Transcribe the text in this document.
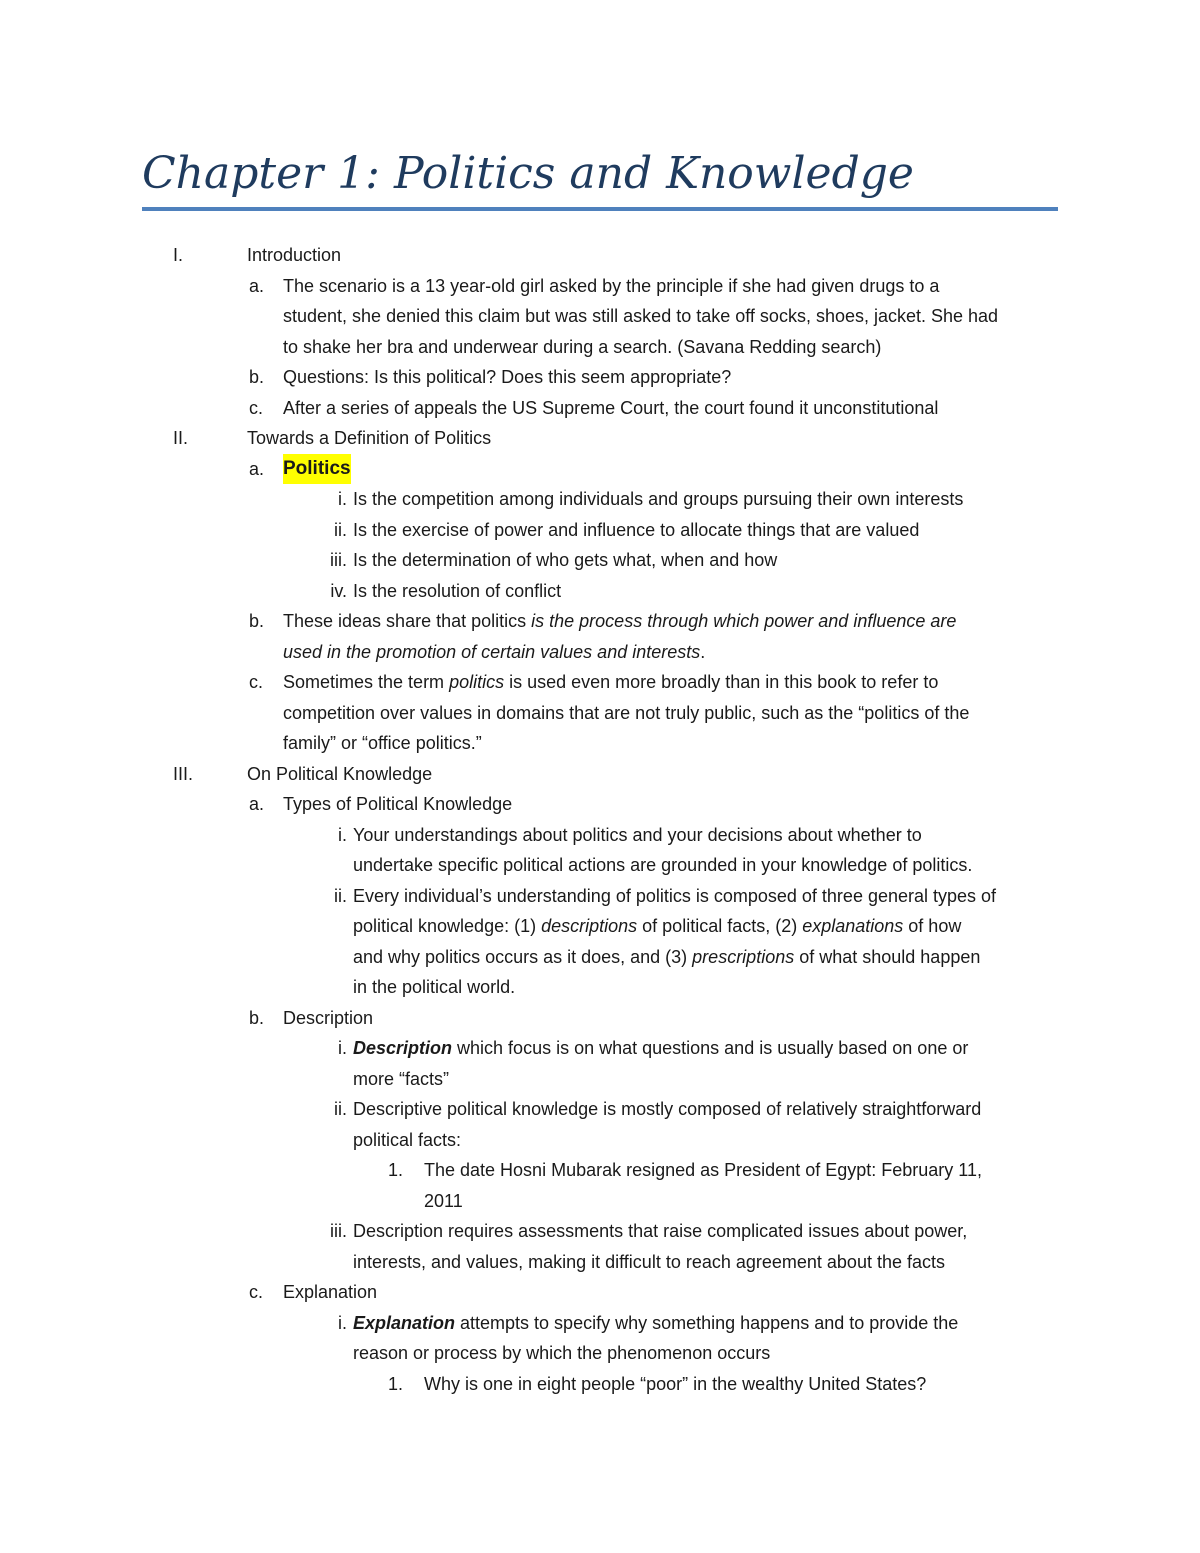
Chapter 1: Politics and Knowledge
I.	Introduction
a. The scenario is a 13 year-old girl asked by the principle if she had given drugs to a
student, she denied this claim but was still asked to take off socks, shoes, jacket. She had
to shake her bra and underwear during a search. (Savana Redding search)
b. Questions: Is this political? Does this seem appropriate?
c. After a series of appeals the US Supreme Court, the court found it unconstitutional
II.	Towards a Definition of Politics
a. Politics
i. Is the competition among individuals and groups pursuing their own interests
ii. Is the exercise of power and influence to allocate things that are valued
iii. Is the determination of who gets what, when and how
iv. Is the resolution of conflict
b. These ideas share that politics is the process through which power and influence are
used in the promotion of certain values and interests.
c. Sometimes the term politics is used even more broadly than in this book to refer to
competition over values in domains that are not truly public, such as the “politics of the
family” or “office politics.”
III.	On Political Knowledge
a. Types of Political Knowledge
i. Your understandings about politics and your decisions about whether to
undertake specific political actions are grounded in your knowledge of politics.
ii. Every individual’s understanding of politics is composed of three general types of
political knowledge: (1) descriptions of political facts, (2) explanations of how
and why politics occurs as it does, and (3) prescriptions of what should happen
in the political world.
b. Description
i. Description which focus is on what questions and is usually based on one or
more “facts”
ii. Descriptive political knowledge is mostly composed of relatively straightforward
political facts:
1. The date Hosni Mubarak resigned as President of Egypt: February 11,
2011
iii. Description requires assessments that raise complicated issues about power,
interests, and values, making it difficult to reach agreement about the facts
c. Explanation
i. Explanation attempts to specify why something happens and to provide the
reason or process by which the phenomenon occurs
1. Why is one in eight people “poor” in the wealthy United States?
